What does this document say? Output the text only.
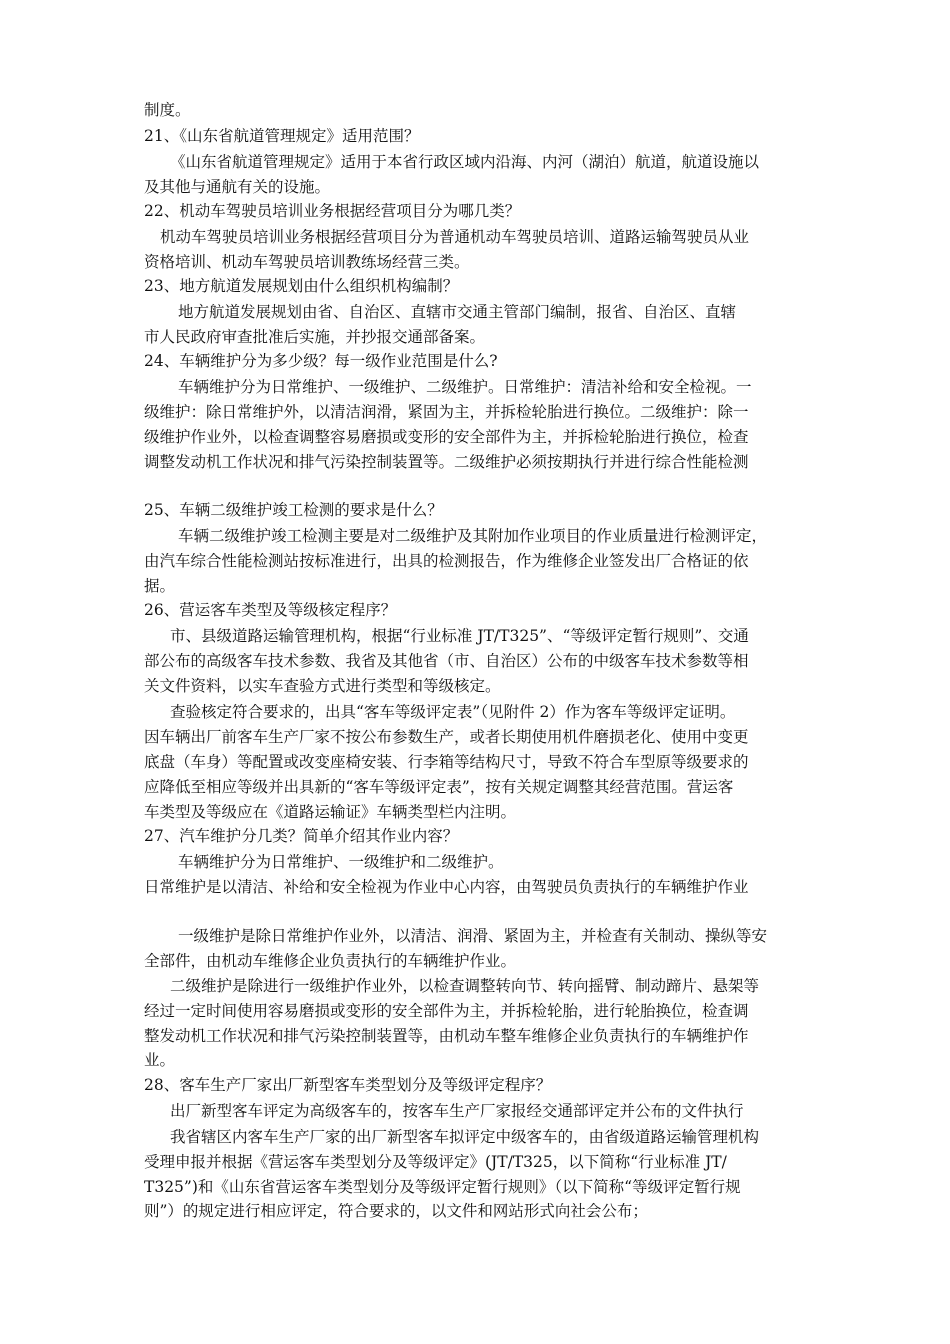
制度。
21、《山东省航道管理规定》适用范围？
《山东省航道管理规定》适用于本省行政区域内沿海、内河（湖泊）航道，航道设施以
及其他与通航有关的设施。
22、机动车驾驶员培训业务根据经营项目分为哪几类？
机动车驾驶员培训业务根据经营项目分为普通机动车驾驶员培训、道路运输驾驶员从业
资格培训、机动车驾驶员培训教练场经营三类。
23、地方航道发展规划由什么组织机构编制？
地方航道发展规划由省、自治区、直辖市交通主管部门编制，报省、自治区、直辖
市人民政府审查批准后实施，并抄报交通部备案。
24、车辆维护分为多少级？每一级作业范围是什么?
车辆维护分为日常维护、一级维护、二级维护。日常维护：清洁补给和安全检视。一
级维护：除日常维护外，以清洁润滑，紧固为主，并拆检轮胎进行换位。二级维护：除一
级维护作业外，以检查调整容易磨损或变形的安全部件为主，并拆检轮胎进行换位，检查
调整发动机工作状况和排气污染控制装置等。二级维护必须按期执行并进行综合性能检测
25、车辆二级维护竣工检测的要求是什么？
车辆二级维护竣工检测主要是对二级维护及其附加作业项目的作业质量进行检测评定，
由汽车综合性能检测站按标准进行，出具的检测报告，作为维修企业签发出厂合格证的依
据。
26、营运客车类型及等级核定程序？
市、县级道路运输管理机构，根据“行业标准 JT/T325”、“等级评定暂行规则”、交通
部公布的高级客车技术参数、我省及其他省（市、自治区）公布的中级客车技术参数等相
关文件资料，以实车查验方式进行类型和等级核定。
查验核定符合要求的，出具“客车等级评定表”（见附件 2）作为客车等级评定证明。
因车辆出厂前客车生产厂家不按公布参数生产，或者长期使用机件磨损老化、使用中变更
底盘（车身）等配置或改变座椅安装、行李箱等结构尺寸，导致不符合车型原等级要求的
应降低至相应等级并出具新的“客车等级评定表”，按有关规定调整其经营范围。营运客
车类型及等级应在《道路运输证》车辆类型栏内注明。
27、汽车维护分几类？简单介绍其作业内容？
车辆维护分为日常维护、一级维护和二级维护。
日常维护是以清洁、补给和安全检视为作业中心内容，由驾驶员负责执行的车辆维护作业
一级维护是除日常维护作业外，以清洁、润滑、紧固为主，并检查有关制动、操纵等安
全部件，由机动车维修企业负责执行的车辆维护作业。
二级维护是除进行一级维护作业外，以检查调整转向节、转向摇臂、制动蹄片、悬架等
经过一定时间使用容易磨损或变形的安全部件为主，并拆检轮胎，进行轮胎换位，检查调
整发动机工作状况和排气污染控制装置等，由机动车整车维修企业负责执行的车辆维护作
业。
28、客车生产厂家出厂新型客车类型划分及等级评定程序？
出厂新型客车评定为高级客车的，按客车生产厂家报经交通部评定并公布的文件执行
我省辖区内客车生产厂家的出厂新型客车拟评定中级客车的，由省级道路运输管理机构
受理申报并根据《营运客车类型划分及等级评定》(JT/T325，以下简称“行业标准 JT/
T325”)和《山东省营运客车类型划分及等级评定暂行规则》（以下简称“等级评定暂行规
则”）的规定进行相应评定，符合要求的，以文件和网站形式向社会公布；
